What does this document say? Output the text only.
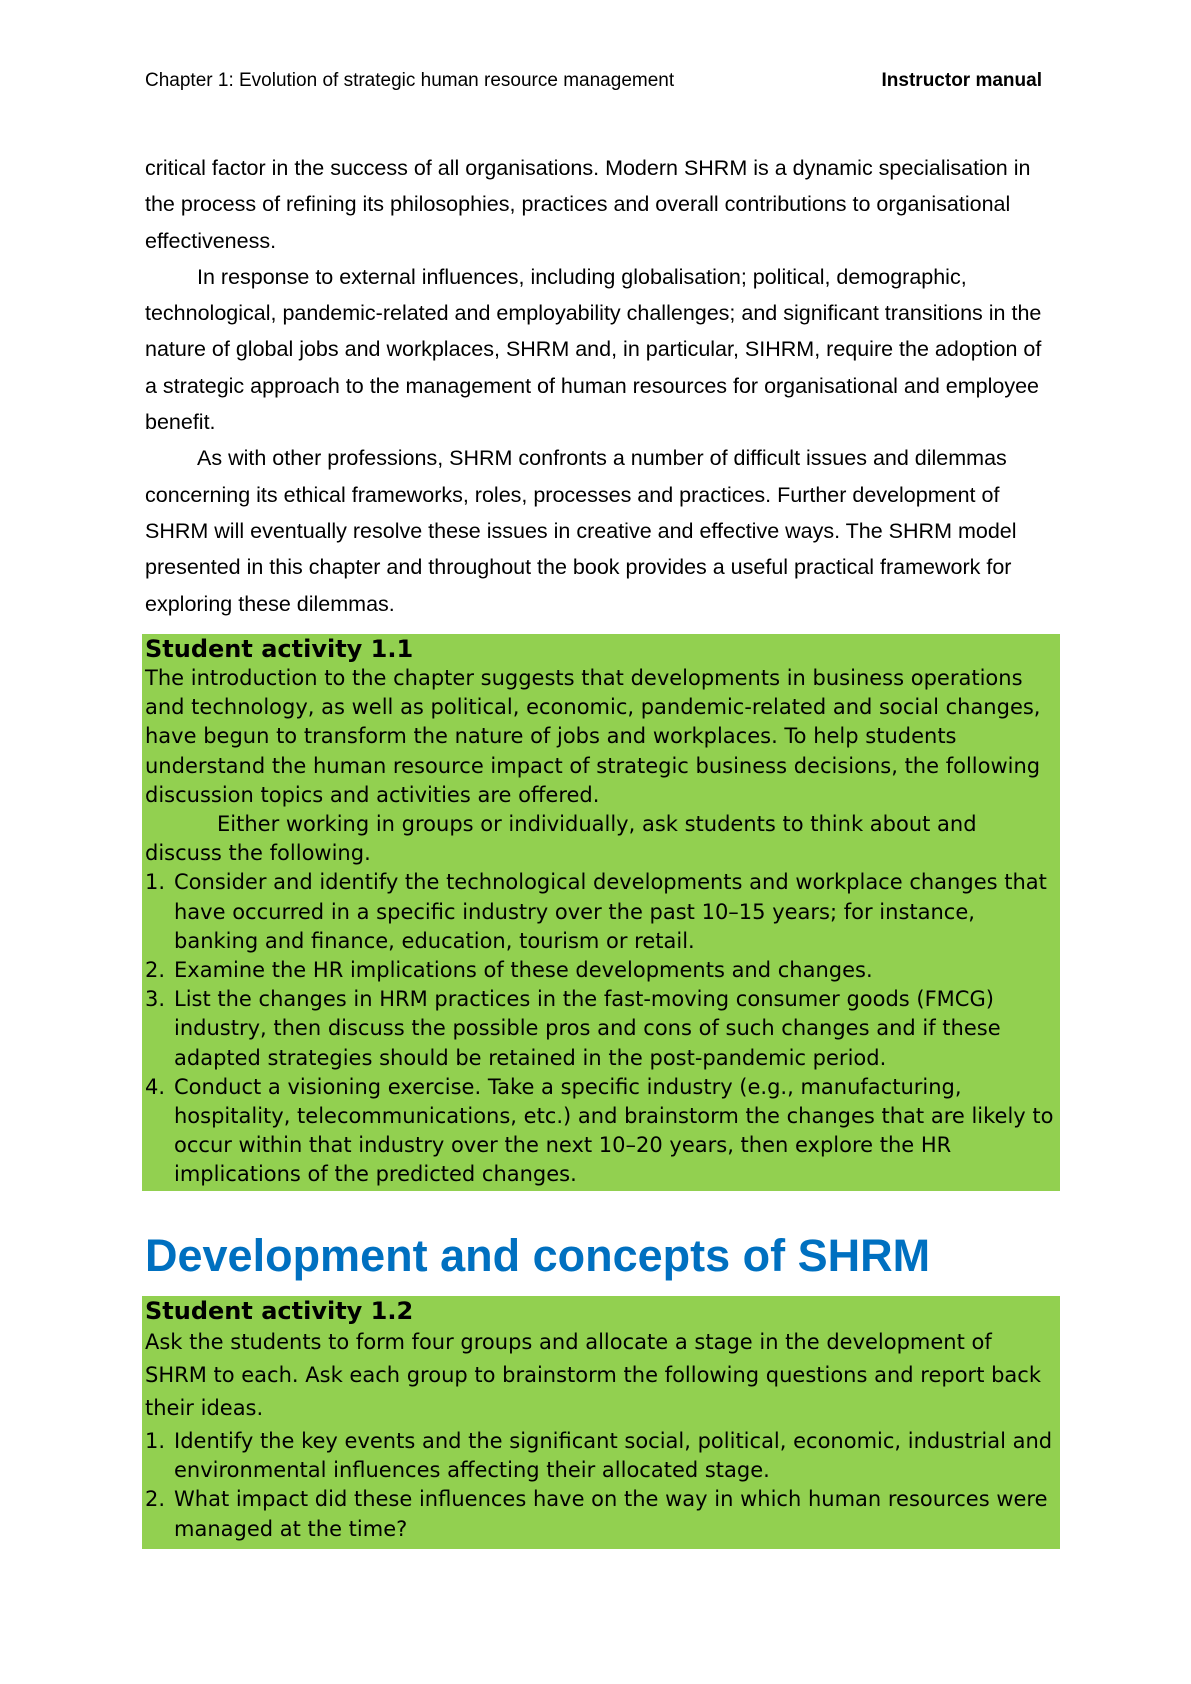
Chapter 1: Evolution of strategic human resource management	Instructor manual

critical factor in the success of all organisations. Modern SHRM is a dynamic specialisation in the process of refining its philosophies, practices and overall contributions to organisational effectiveness.

In response to external influences, including globalisation; political, demographic, technological, pandemic-related and employability challenges; and significant transitions in the nature of global jobs and workplaces, SHRM and, in particular, SIHRM, require the adoption of a strategic approach to the management of human resources for organisational and employee benefit.

As with other professions, SHRM confronts a number of difficult issues and dilemmas concerning its ethical frameworks, roles, processes and practices. Further development of SHRM will eventually resolve these issues in creative and effective ways. The SHRM model presented in this chapter and throughout the book provides a useful practical framework for exploring these dilemmas.

Student activity 1.1

The introduction to the chapter suggests that developments in business operations and technology, as well as political, economic, pandemic-related and social changes, have begun to transform the nature of jobs and workplaces. To help students understand the human resource impact of strategic business decisions, the following discussion topics and activities are offered.

Either working in groups or individually, ask students to think about and discuss the following.

1. Consider and identify the technological developments and workplace changes that have occurred in a specific industry over the past 10–15 years; for instance, banking and finance, education, tourism or retail.
2. Examine the HR implications of these developments and changes.
3. List the changes in HRM practices in the fast-moving consumer goods (FMCG) industry, then discuss the possible pros and cons of such changes and if these adapted strategies should be retained in the post-pandemic period.
4. Conduct a visioning exercise. Take a specific industry (e.g., manufacturing, hospitality, telecommunications, etc.) and brainstorm the changes that are likely to occur within that industry over the next 10–20 years, then explore the HR implications of the predicted changes.
Development and concepts of SHRM
Student activity 1.2

Ask the students to form four groups and allocate a stage in the development of SHRM to each. Ask each group to brainstorm the following questions and report back their ideas.

1. Identify the key events and the significant social, political, economic, industrial and environmental influences affecting their allocated stage.
2. What impact did these influences have on the way in which human resources were managed at the time?
